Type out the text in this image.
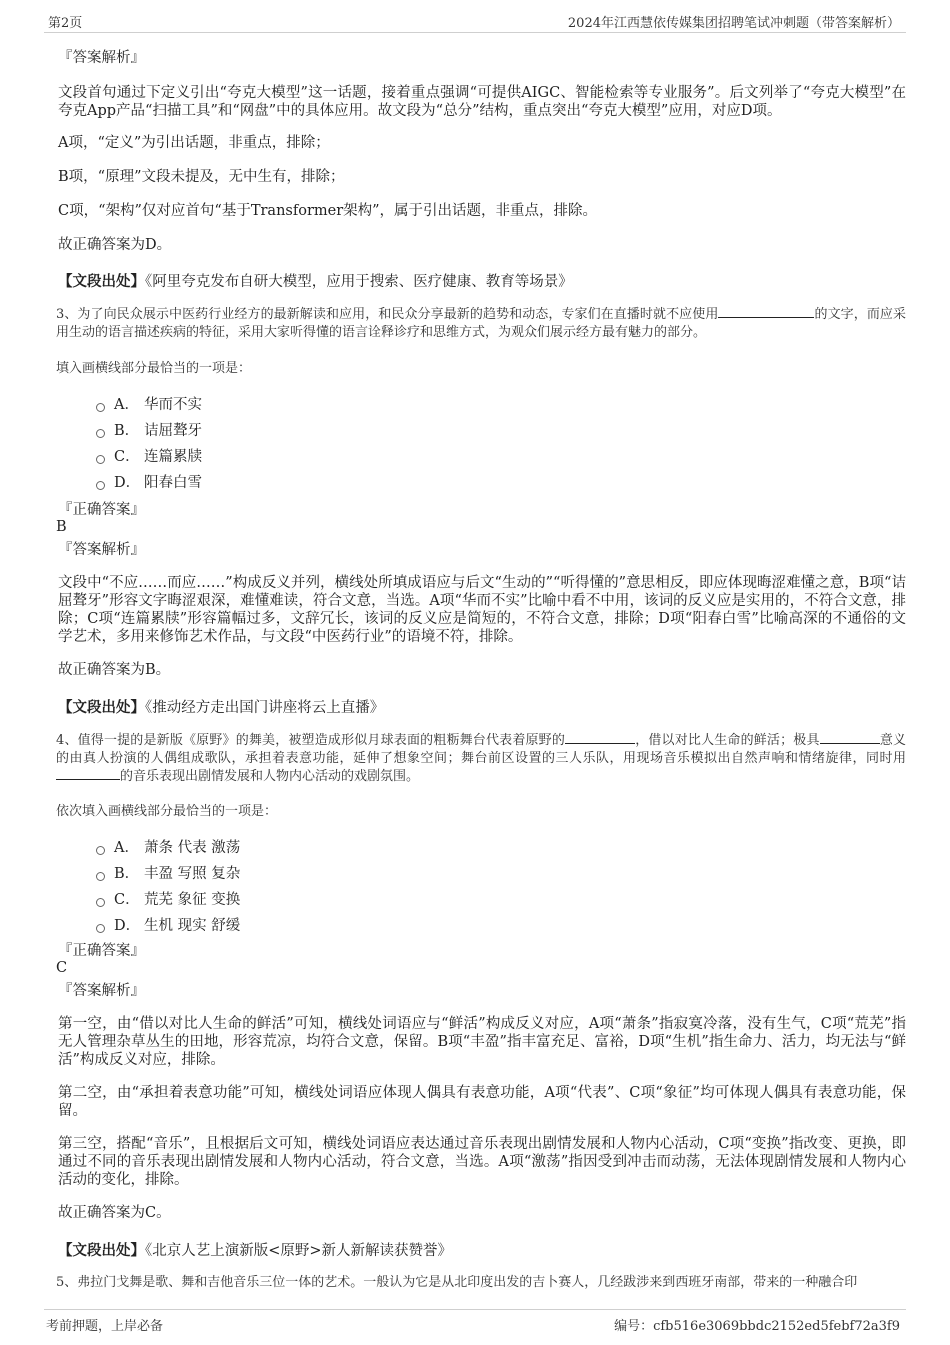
第2页	2024年江西慧依传媒集团招聘笔试冲刺题（带答案解析）

『答案解析』

文段首句通过下定义引出“夸克大模型”这一话题，接着重点强调“可提供AIGC、智能检索等专业服务”。后文列举了“夸克大模型”在夸克App产品“扫描工具”和“网盘”中的具体应用。故文段为“总分”结构，重点突出“夸克大模型”应用，对应D项。

A项，“定义”为引出话题，非重点，排除；

B项，“原理”文段未提及，无中生有，排除；

C项，“架构”仅对应首句“基于Transformer架构”，属于引出话题，非重点，排除。

故正确答案为D。

【文段出处】《阿里夸克发布自研大模型，应用于搜索、医疗健康、教育等场景》

3、为了向民众展示中医药行业经方的最新解读和应用，和民众分享最新的趋势和动态，专家们在直播时就不应使用	的文字，而应采用生动的语言描述疾病的特征，采用大家听得懂的语言诠释诊疗和思维方式，为观众们展示经方最有魅力的部分。

填入画横线部分最恰当的一项是：

A． 华而不实
B． 诘屈聱牙
C． 连篇累牍
D． 阳春白雪

『正确答案』

B

『答案解析』

文段中“不应……而应……”构成反义并列，横线处所填成语应与后文“生动的”“听得懂的”意思相反，即应体现晦涩难懂之意，B项“诘屈聱牙”形容文字晦涩艰深，难懂难读，符合文意，当选。A项“华而不实”比喻中看不中用，该词的反义应是实用的，不符合文意，排除；C项“连篇累牍”形容篇幅过多，文辞冗长，该词的反义应是简短的，不符合文意，排除；D项“阳春白雪”比喻高深的不通俗的文学艺术，多用来修饰艺术作品，与文段“中医药行业”的语境不符，排除。

故正确答案为B。

【文段出处】《推动经方走出国门讲座将云上直播》

4、值得一提的是新版《原野》的舞美，被塑造成形似月球表面的粗粝舞台代表着原野的	，借以对比人生命的鲜活；极具	意义的由真人扮演的人偶组成歌队，承担着表意功能，延伸了想象空间；舞台前区设置的三人乐队，用现场音乐模拟出自然声响和情绪旋律，同时用的音乐表现出剧情发展和人物内心活动的戏剧氛围。

依次填入画横线部分最恰当的一项是：

A． 萧条 代表 激荡
B． 丰盈 写照 复杂
C． 荒芜 象征 变换
D． 生机 现实 舒缓

『正确答案』

C

『答案解析』

第一空，由“借以对比人生命的鲜活”可知，横线处词语应与“鲜活”构成反义对应，A项“萧条”指寂寞冷落，没有生气，C项“荒芜”指无人管理杂草丛生的田地，形容荒凉，均符合文意，保留。B项“丰盈”指丰富充足、富裕，D项“生机”指生命力、活力，均无法与“鲜活”构成反义对应，排除。

第二空，由“承担着表意功能”可知，横线处词语应体现人偶具有表意功能，A项“代表”、C项“象征”均可体现人偶具有表意功能，保留。

第三空，搭配“音乐”，且根据后文可知，横线处词语应表达通过音乐表现出剧情发展和人物内心活动，C项“变换”指改变、更换，即通过不同的音乐表现出剧情发展和人物内心活动，符合文意，当选。A项“激荡”指因受到冲击而动荡，无法体现剧情发展和人物内心活动的变化，排除。

故正确答案为C。

【文段出处】《北京人艺上演新版<原野>新人新解读获赞誉》

5、弗拉门戈舞是歌、舞和吉他音乐三位一体的艺术。一般认为它是从北印度出发的吉卜赛人，几经跋涉来到西班牙南部，带来的一种融合印

考前押题，上岸必备	编号：cfb516e3069bbdc2152ed5febf72a3f9
